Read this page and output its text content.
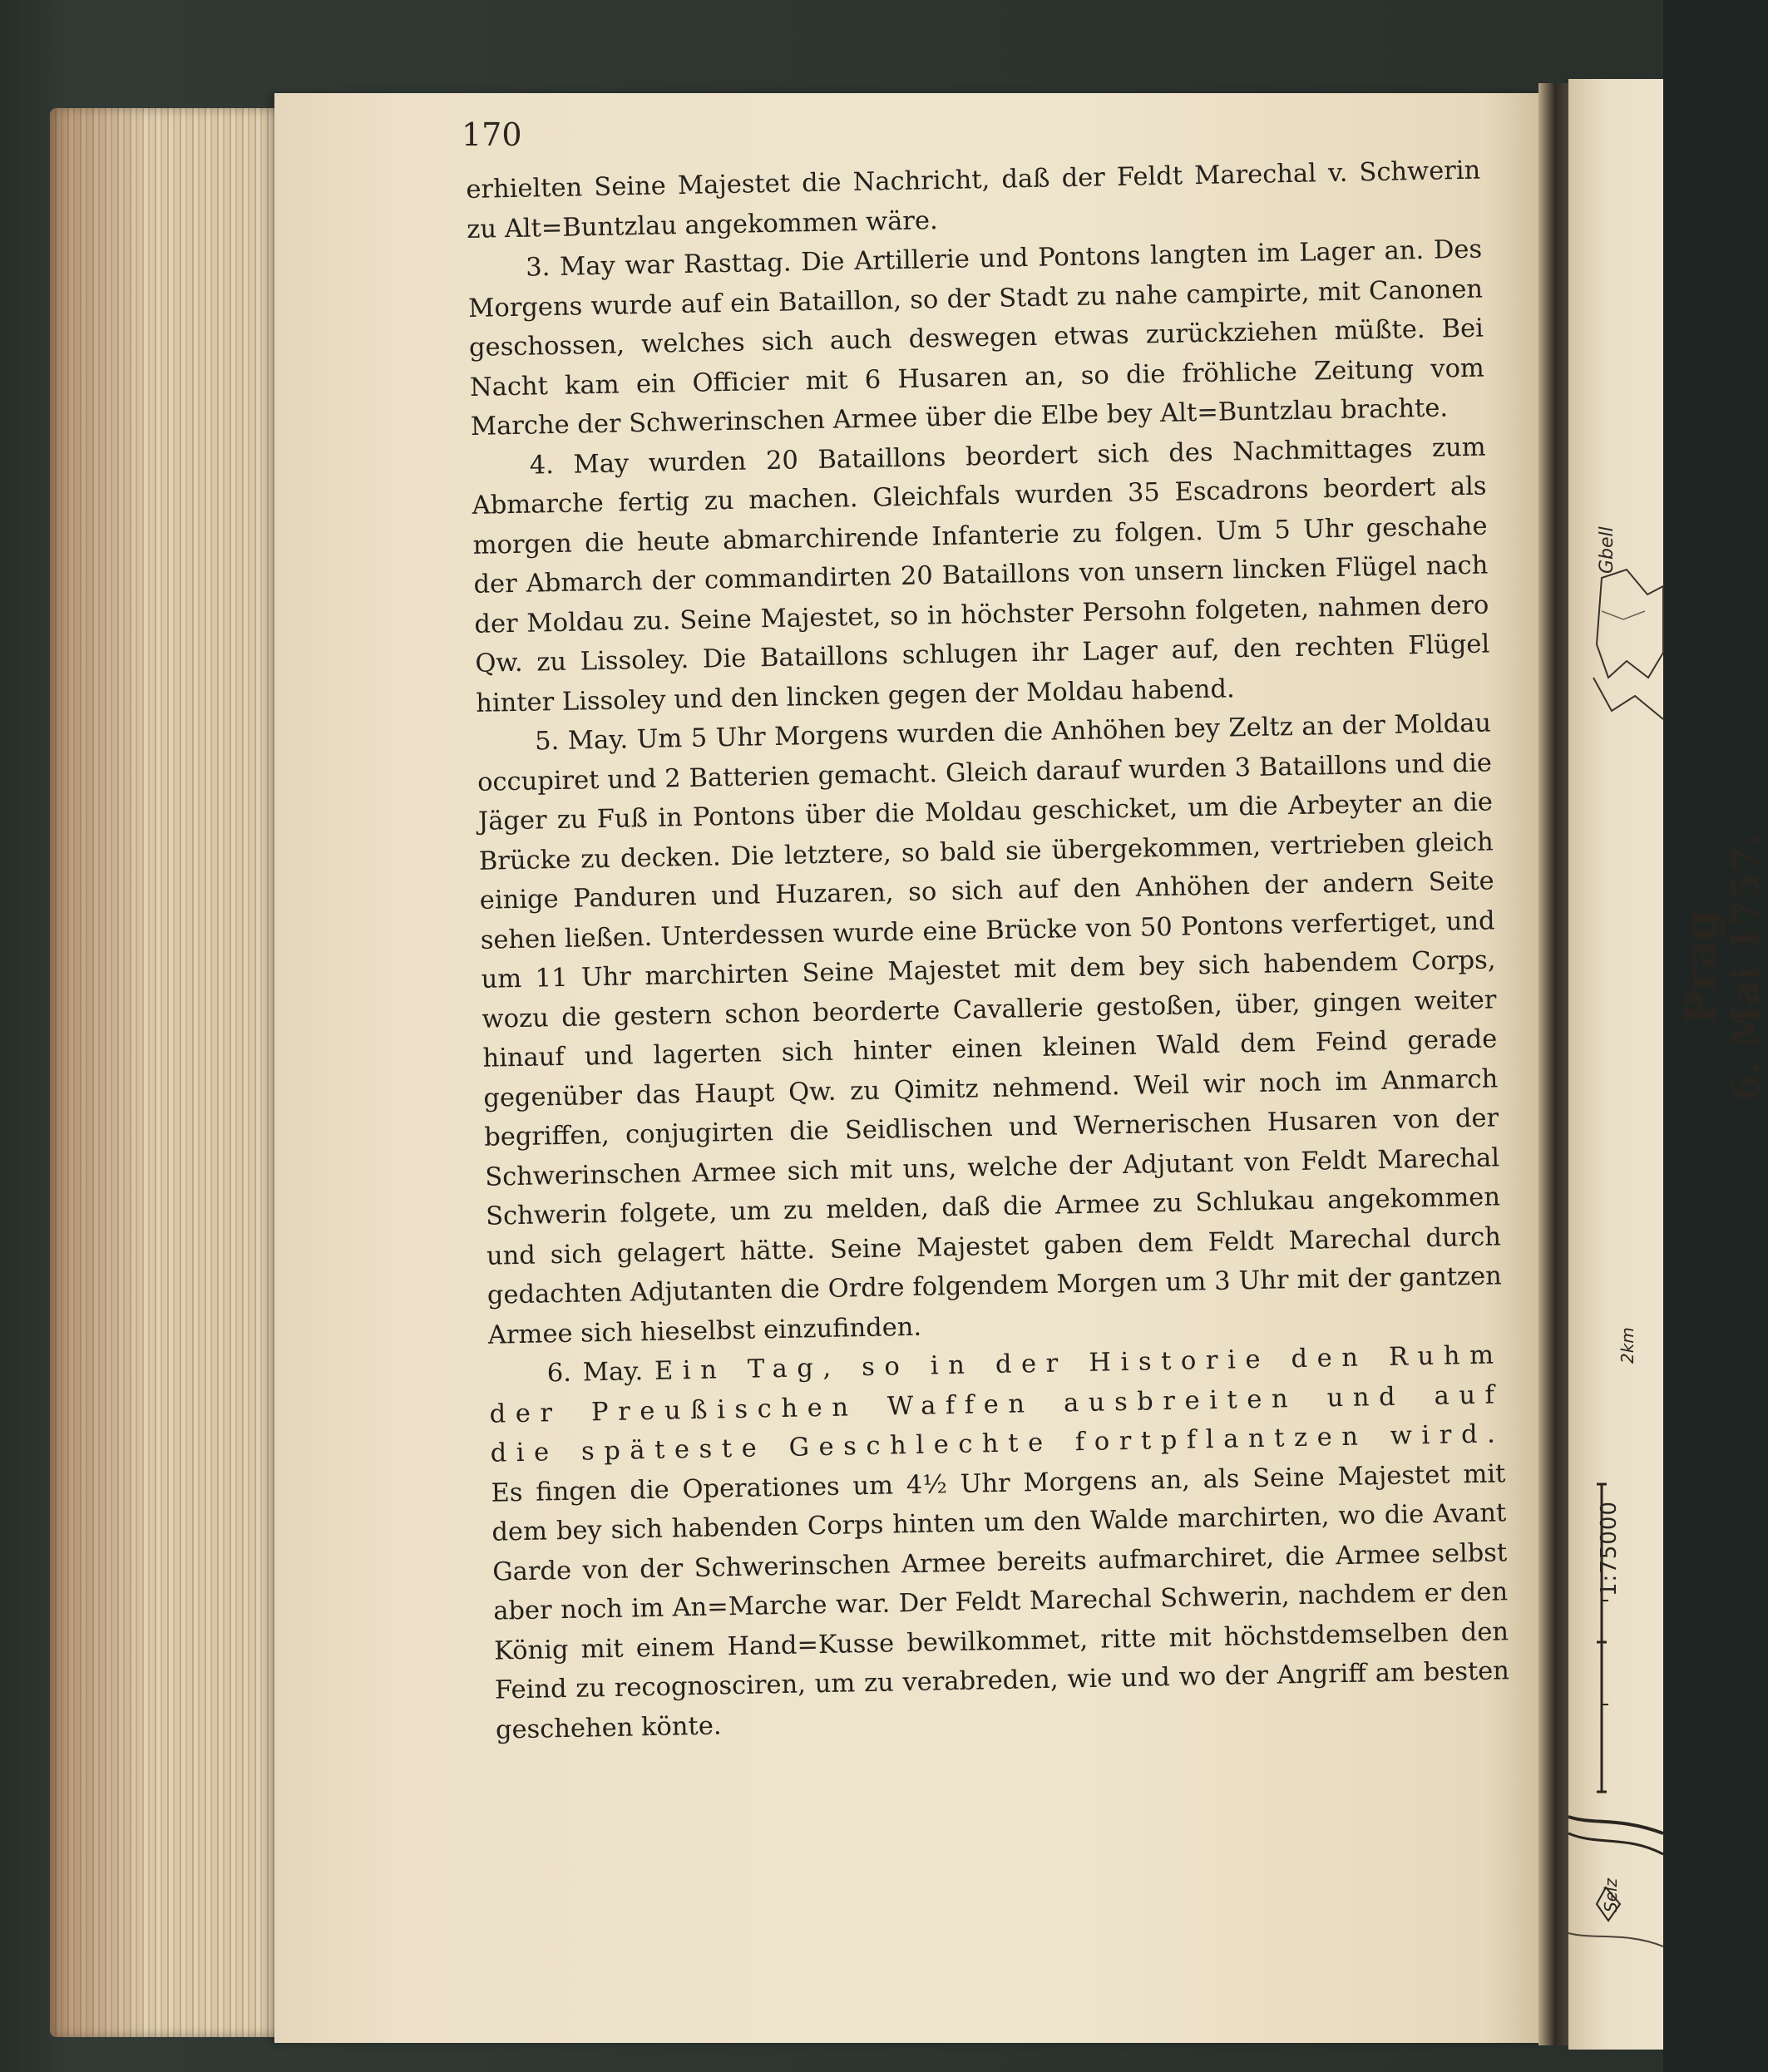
170

erhielten Seine Majestet die Nachricht, daß der Feldt Marechal v. Schwerin zu Alt=Buntzlau angekommen wäre.

3. May war Rasttag. Die Artillerie und Pontons langten im Lager an. Des Morgens wurde auf ein Bataillon, so der Stadt zu nahe campirte, mit Canonen geschossen, welches sich auch deswegen etwas zurückziehen müßte. Bei Nacht kam ein Officier mit 6 Husaren an, so die fröhliche Zeitung vom Marche der Schwerinschen Armee über die Elbe bey Alt=Buntzlau brachte.

4. May wurden 20 Bataillons beordert sich des Nachmittages zum Abmarche fertig zu machen. Gleichfals wurden 35 Escadrons beordert als morgen die heute abmarchirende Infanterie zu folgen. Um 5 Uhr geschahe der Abmarch der commandirten 20 Bataillons von unsern lincken Flügel nach der Moldau zu. Seine Majestet, so in höchster Persohn folgeten, nahmen dero Qw. zu Lissoley. Die Bataillons schlugen ihr Lager auf, den rechten Flügel hinter Lissoley und den lincken gegen der Moldau habend.

5. May. Um 5 Uhr Morgens wurden die Anhöhen bey Zeltz an der Moldau occupiret und 2 Batterien gemacht. Gleich darauf wurden 3 Bataillons und die Jäger zu Fuß in Pontons über die Moldau geschicket, um die Arbeyter an die Brücke zu decken. Die letztere, so bald sie übergekommen, vertrieben gleich einige Panduren und Huzaren, so sich auf den Anhöhen der andern Seite sehen ließen. Unterdessen wurde eine Brücke von 50 Pontons verfertiget, und um 11 Uhr marchirten Seine Majestet mit dem bey sich habendem Corps, wozu die gestern schon beorderte Cavallerie gestoßen, über, gingen weiter hinauf und lagerten sich hinter einen kleinen Wald dem Feind gerade gegenüber das Haupt Qw. zu Qimitz nehmend. Weil wir noch im Anmarch begriffen, conjugirten die Seidlischen und Wernerischen Husaren von der Schwerinschen Armee sich mit uns, welche der Adjutant von Feldt Marechal Schwerin folgete, um zu melden, daß die Armee zu Schlukau angekommen und sich gelagert hätte. Seine Majestet gaben dem Feldt Marechal durch gedachten Adjutanten die Ordre folgendem Morgen um 3 Uhr mit der gantzen Armee sich hieselbst einzufinden.

6. May. Ein Tag, so in der Historie den Ruhm der Preußischen Waffen ausbreiten und auf die späteste Geschlechte fortpflantzen wird. Es fingen die Operationes um 4½ Uhr Morgens an, als Seine Majestet mit dem bey sich habenden Corps hinten um den Walde marchirten, wo die Avant Garde von der Schwerinschen Armee bereits aufmarchiret, die Armee selbst aber noch im An=Marche war. Der Feldt Marechal Schwerin, nachdem er den König mit einem Hand=Kusse bewilkommet, ritte mit höchstdemselben den Feind zu recognosciren, um zu verabreden, wie und wo der Angriff am besten geschehen könte.

Gbell
Prag
6. Mai 1757.
1:75000
2km
Selz
